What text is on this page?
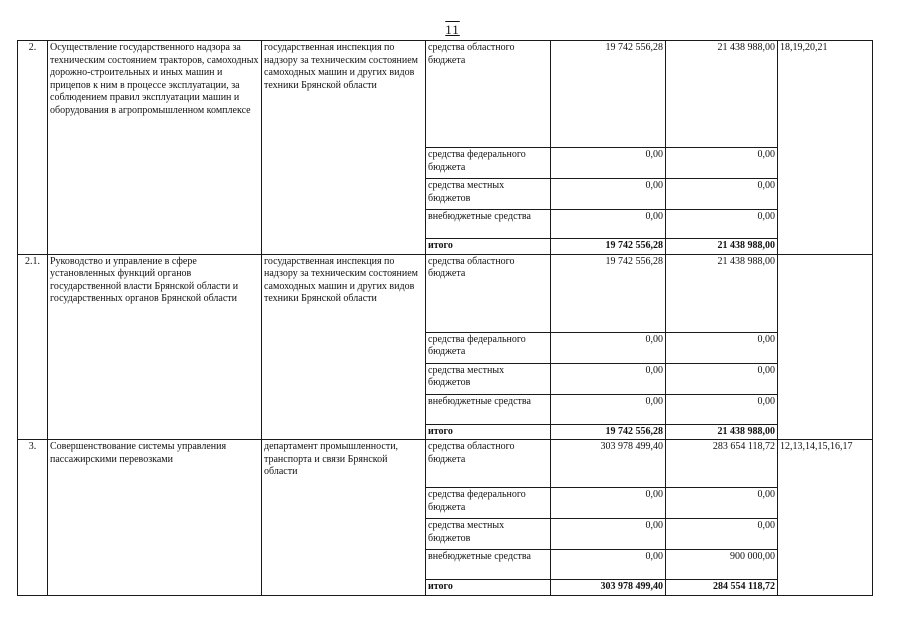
11
2.	Осуществление государственного надзора за техническим состоянием тракторов, самоходных дорожно-строительных и иных машин и прицепов к ним в процессе эксплуатации, за соблюдением правил эксплуатации машин и оборудования в агропромышленном комплексе	государственная инспекция по надзору за техническим состоянием самоходных машин и других видов техники Брянской области	средства областного бюджета	19 742 556,28	21 438 988,00	18,19,20,21
			средства федерального бюджета	0,00	0,00	
			средства местных бюджетов	0,00	0,00	
			внебюджетные средства	0,00	0,00	
			итого	19 742 556,28	21 438 988,00	
2.1.	Руководство и управление в сфере установленных функций органов государственной власти Брянской области и государственных органов Брянской области	государственная инспекция по надзору за техническим состоянием самоходных машин и других видов техники Брянской области	средства областного бюджета	19 742 556,28	21 438 988,00	
			средства федерального бюджета	0,00	0,00	
			средства местных бюджетов	0,00	0,00	
			внебюджетные средства	0,00	0,00	
			итого	19 742 556,28	21 438 988,00	
3.	Совершенствование системы управления пассажирскими перевозками	департамент промышленности, транспорта и связи Брянской области	средства областного бюджета	303 978 499,40	283 654 118,72	12,13,14,15,16,17
			средства федерального бюджета	0,00	0,00	
			средства местных бюджетов	0,00	0,00	
			внебюджетные средства	0,00	900 000,00	
			итого	303 978 499,40	284 554 118,72	
